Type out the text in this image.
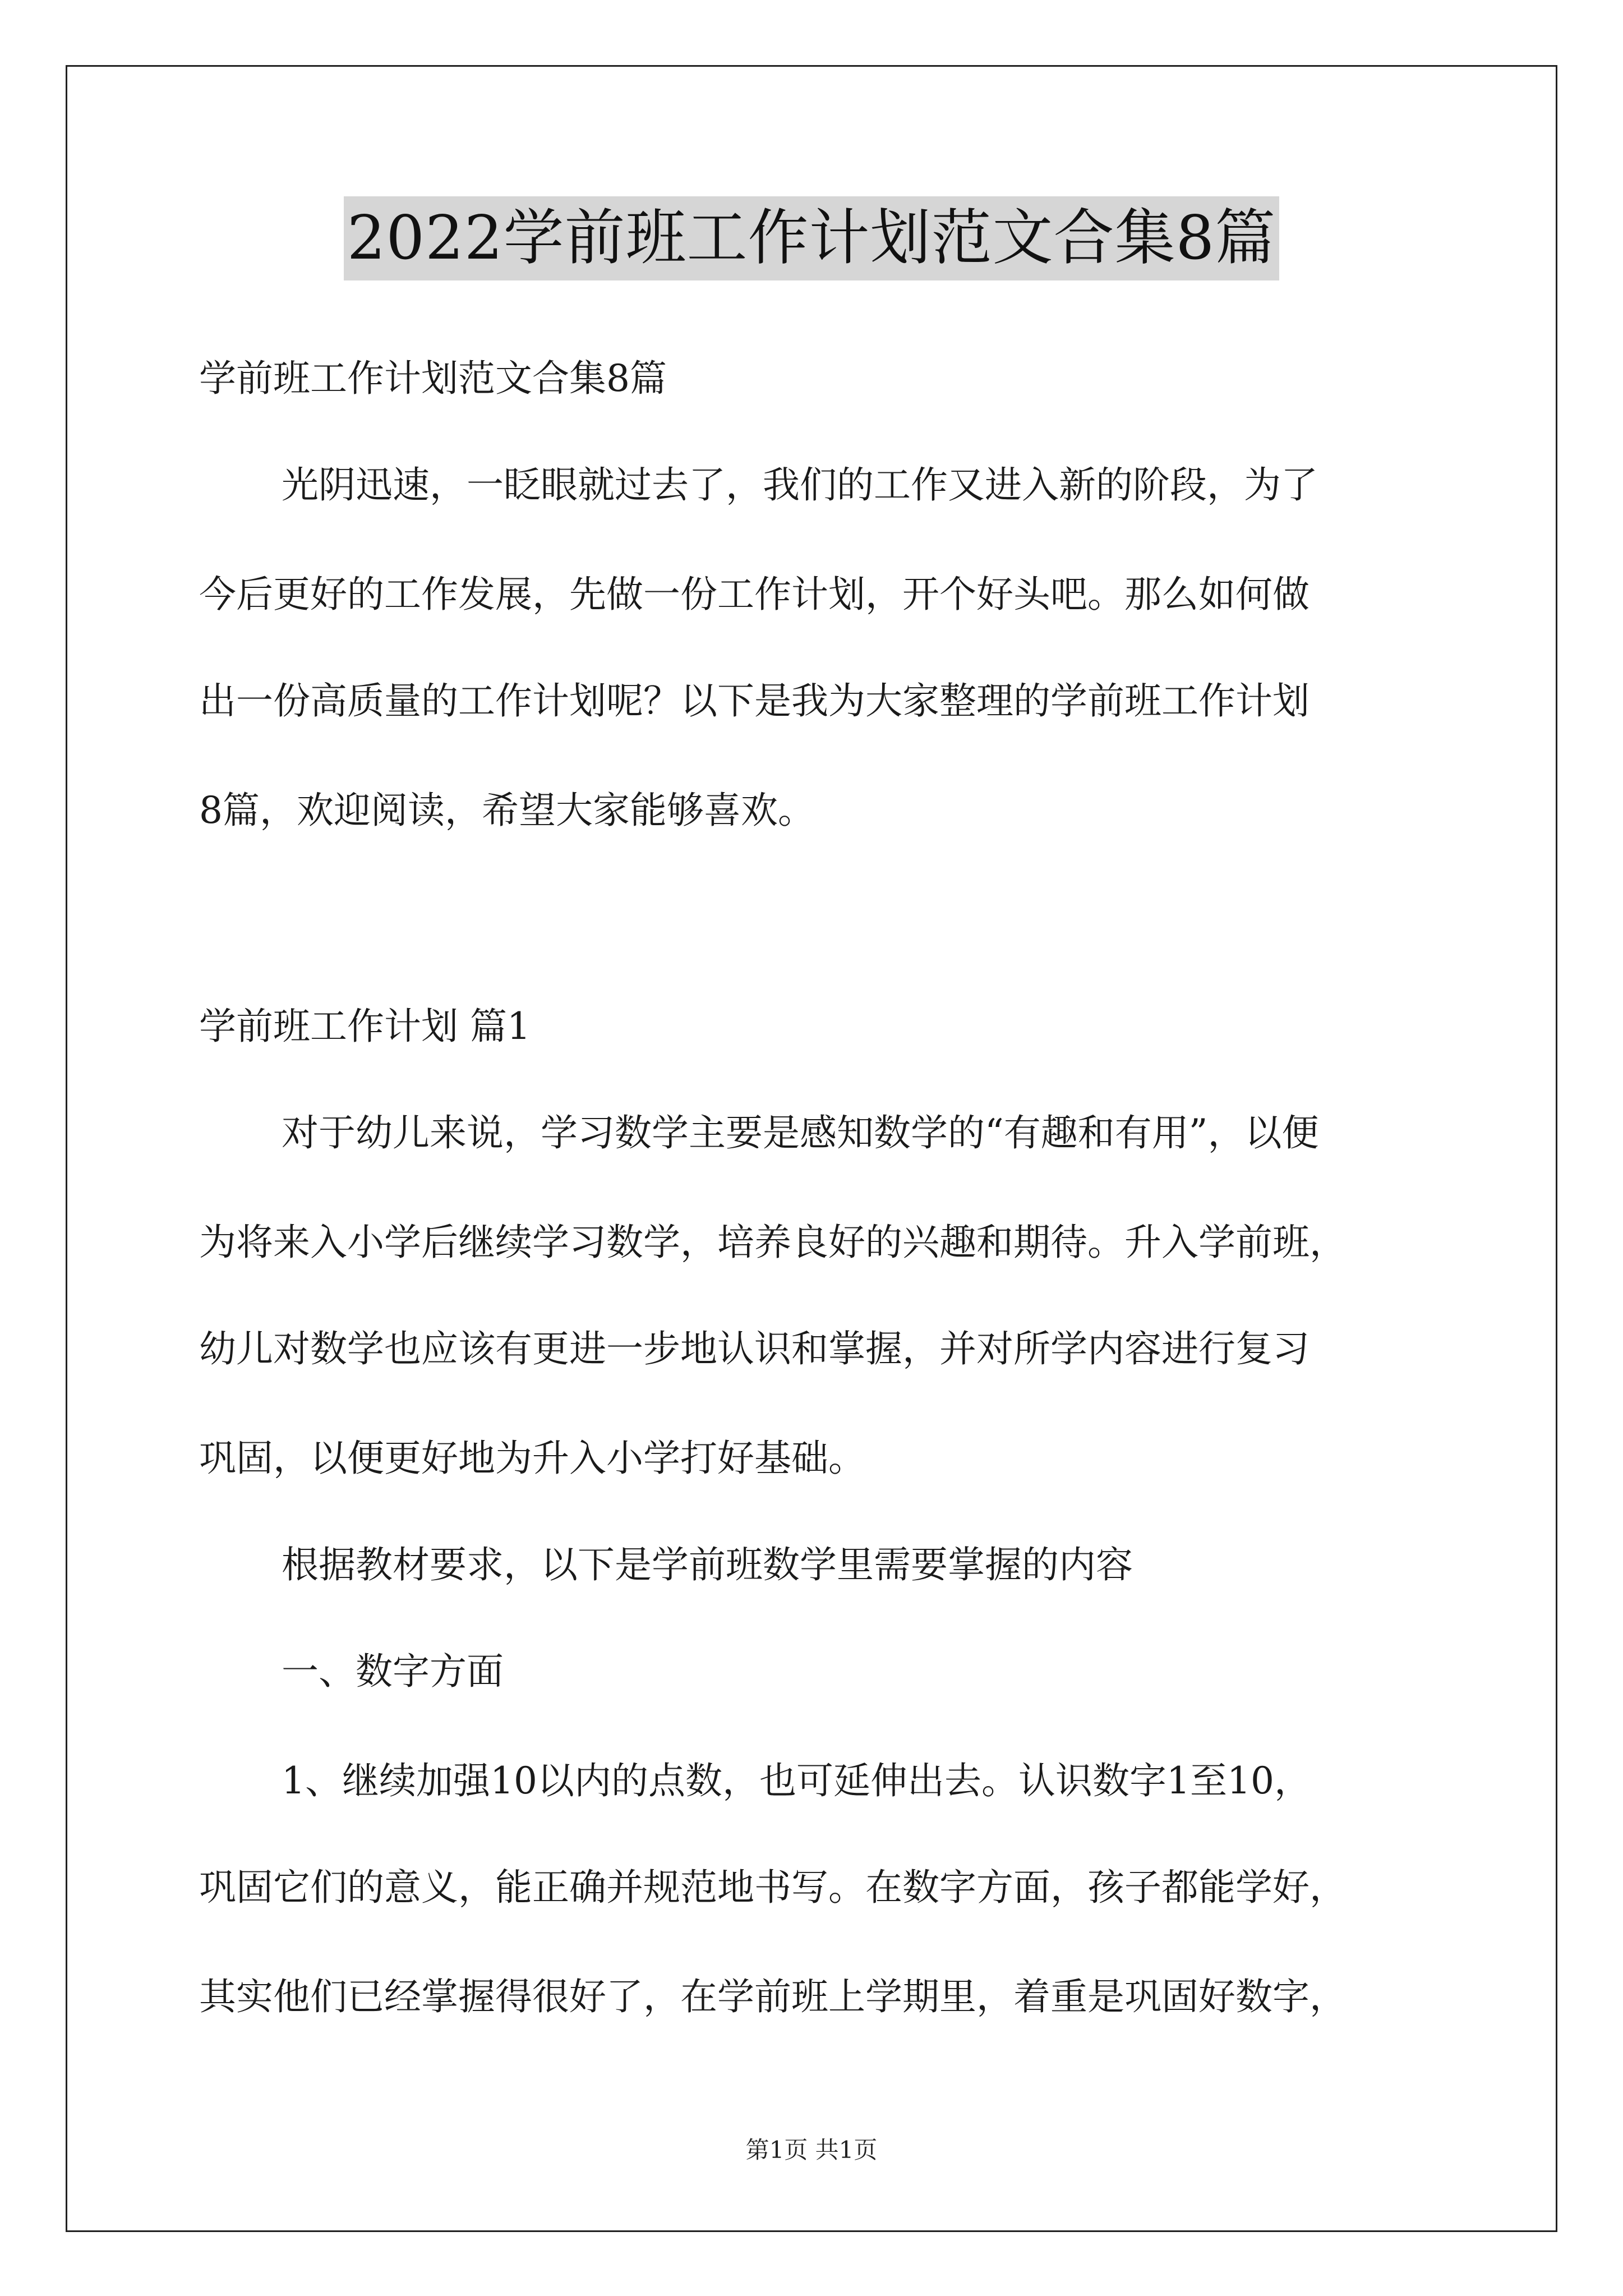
2022学前班工作计划范文合集8篇
学前班工作计划范文合集8篇
光阴迅速，一眨眼就过去了，我们的工作又进入新的阶段，为了
今后更好的工作发展，先做一份工作计划，开个好头吧。那么如何做
出一份高质量的工作计划呢？以下是我为大家整理的学前班工作计划
8篇，欢迎阅读，希望大家能够喜欢。
学前班工作计划 篇1
对于幼儿来说，学习数学主要是感知数学的“有趣和有用”，以便
为将来入小学后继续学习数学，培养良好的兴趣和期待。升入学前班，
幼儿对数学也应该有更进一步地认识和掌握，并对所学内容进行复习
巩固，以便更好地为升入小学打好基础。
根据教材要求，以下是学前班数学里需要掌握的内容
一、数字方面
1、继续加强10以内的点数，也可延伸出去。认识数字1至10，
巩固它们的意义，能正确并规范地书写。在数字方面，孩子都能学好，
其实他们已经掌握得很好了，在学前班上学期里，着重是巩固好数字，
第1页 共1页
